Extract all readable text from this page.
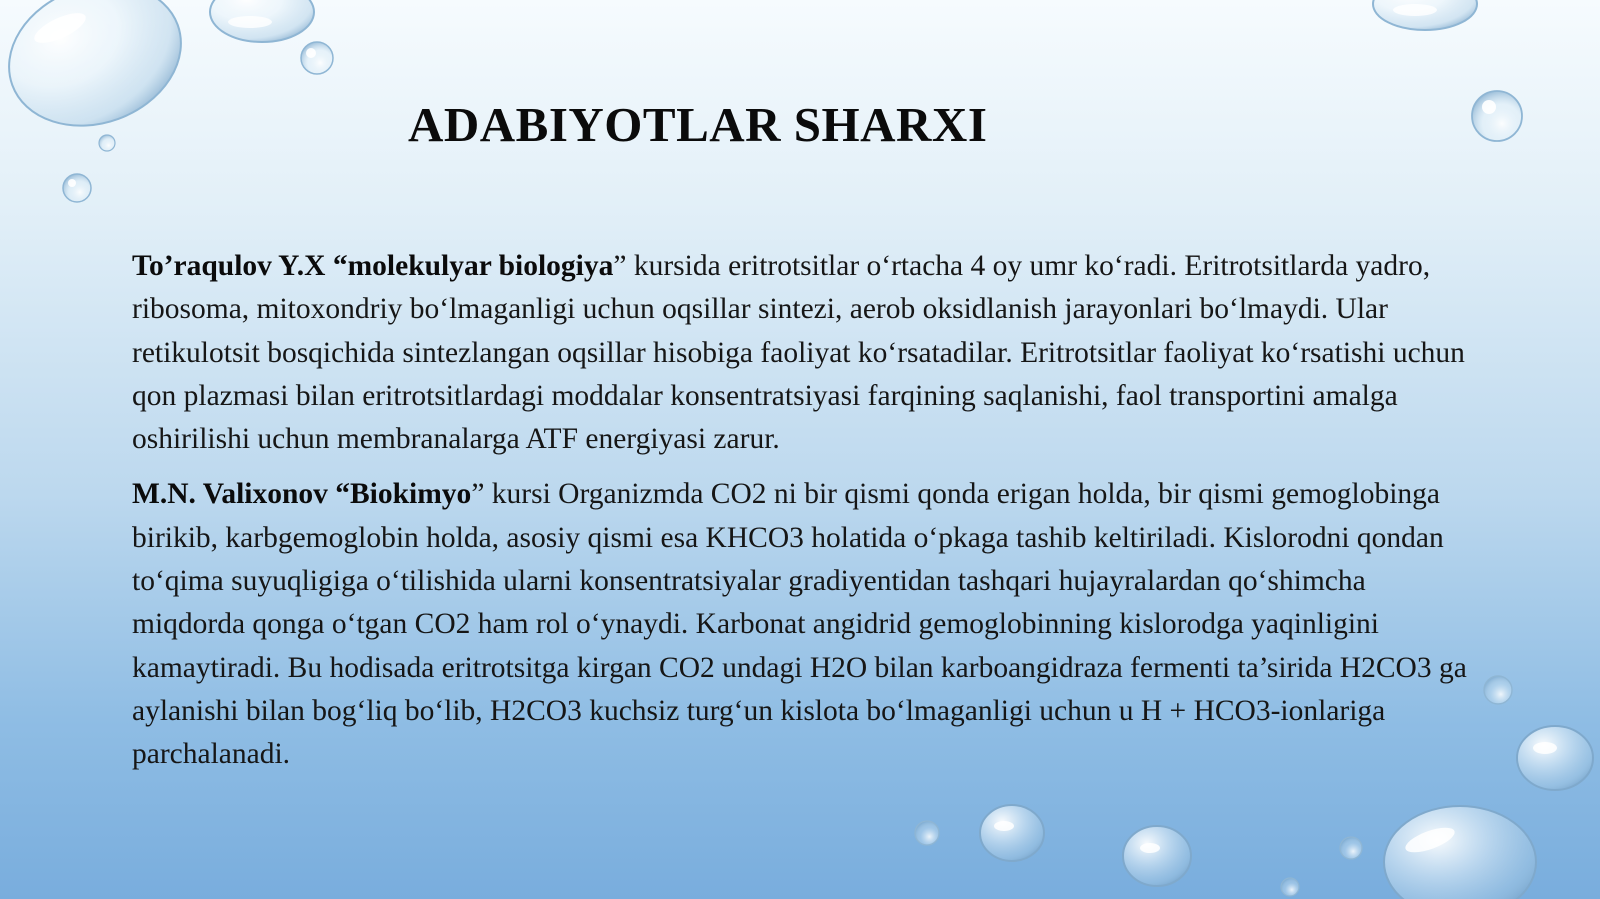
ADABIYOTLAR SHARXI

To’raqulov Y.X “molekulyar biologiya” kursida eritrotsitlar o‘rtacha 4 oy umr ko‘radi. Eritrotsitlarda yadro, ribosoma, mitoxondriy bo‘lmaganligi uchun oqsillar sintezi, aerob oksidlanish jarayonlari bo‘lmaydi. Ular retikulotsit bosqichida sintezlangan oqsillar hisobiga faoliyat ko‘rsatadilar. Eritrotsitlar faoliyat ko‘rsatishi uchun qon plazmasi bilan eritrotsitlardagi moddalar konsentratsiyasi farqining saqlanishi, faol transportini amalga oshirilishi uchun membranalarga ATF energiyasi zarur.

M.N. Valixonov “Biokimyo” kursi Organizmda CO2 ni bir qismi qonda erigan holda, bir qismi gemoglobinga birikib, karbgemoglobin holda, asosiy qismi esa KHCO3 holatida o‘pkaga tashib keltiriladi. Kislorodni qondan to‘qima suyuqligiga o‘tilishida ularni konsentratsiyalar gradiyentidan tashqari hujayralardan qo‘shimcha miqdorda qonga o‘tgan CO2 ham rol o‘ynaydi. Karbonat angidrid gemoglobinning kislorodga yaqinligini kamaytiradi. Bu hodisada eritrotsitga kirgan CO2 undagi H2O bilan karboangidraza fermenti ta’sirida H2CO3 ga aylanishi bilan bog‘liq bo‘lib, H2CO3 kuchsiz turg‘un kislota bo‘lmaganligi uchun u H + HCO3-ionlariga parchalanadi.
